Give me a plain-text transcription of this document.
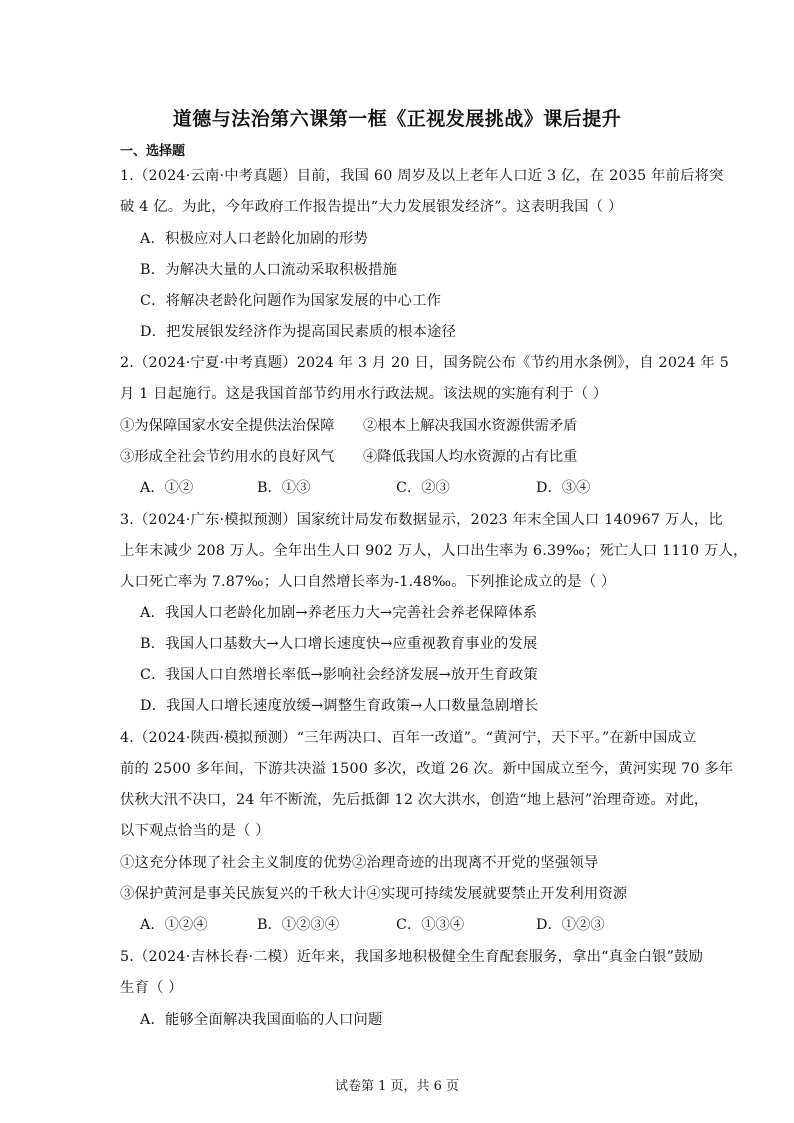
道德与法治第六课第一框《正视发展挑战》课后提升
一、选择题
1.（2024·云南·中考真题）目前，我国 60 周岁及以上老年人口近 3 亿，在 2035 年前后将突
破 4 亿。为此，今年政府工作报告提出“大力发展银发经济”。这表明我国（ ）
A．积极应对人口老龄化加剧的形势
B．为解决大量的人口流动采取积极措施
C．将解决老龄化问题作为国家发展的中心工作
D．把发展银发经济作为提高国民素质的根本途径
2.（2024·宁夏·中考真题）2024 年 3 月 20 日，国务院公布《节约用水条例》，自 2024 年 5
月 1 日起施行。这是我国首部节约用水行政法规。该法规的实施有利于（ ）
①为保障国家水安全提供法治保障 ②根本上解决我国水资源供需矛盾
③形成全社会节约用水的良好风气 ④降低我国人均水资源的占有比重
A．①②	B．①③	C．②③	D．③④
3.（2024·广东·模拟预测）国家统计局发布数据显示，2023 年末全国人口 140967 万人，比
上年末减少 208 万人。全年出生人口 902 万人，人口出生率为 6.39‰；死亡人口 1110 万人，
人口死亡率为 7.87‰；人口自然增长率为-1.48‰。下列推论成立的是（ ）
A．我国人口老龄化加剧→养老压力大→完善社会养老保障体系
B．我国人口基数大→人口增长速度快→应重视教育事业的发展
C．我国人口自然增长率低→影响社会经济发展→放开生育政策
D．我国人口增长速度放缓→调整生育政策→人口数量急剧增长
4.（2024·陕西·模拟预测）“三年两决口、百年一改道”。“黄河宁，天下平。”在新中国成立
前的 2500 多年间，下游共决溢 1500 多次，改道 26 次。新中国成立至今，黄河实现 70 多年
伏秋大汛不决口，24 年不断流，先后抵御 12 次大洪水，创造“地上悬河”治理奇迹。对此，
以下观点恰当的是（ ）
①这充分体现了社会主义制度的优势②治理奇迹的出现离不开党的坚强领导
③保护黄河是事关民族复兴的千秋大计④实现可持续发展就要禁止开发利用资源
A．①②④	B．①②③④	C．①③④	D．①②③
5.（2024·吉林长春·二模）近年来，我国多地积极健全生育配套服务，拿出“真金白银”鼓励
生育（ ）
A．能够全面解决我国面临的人口问题
试卷第 1 页，共 6 页
